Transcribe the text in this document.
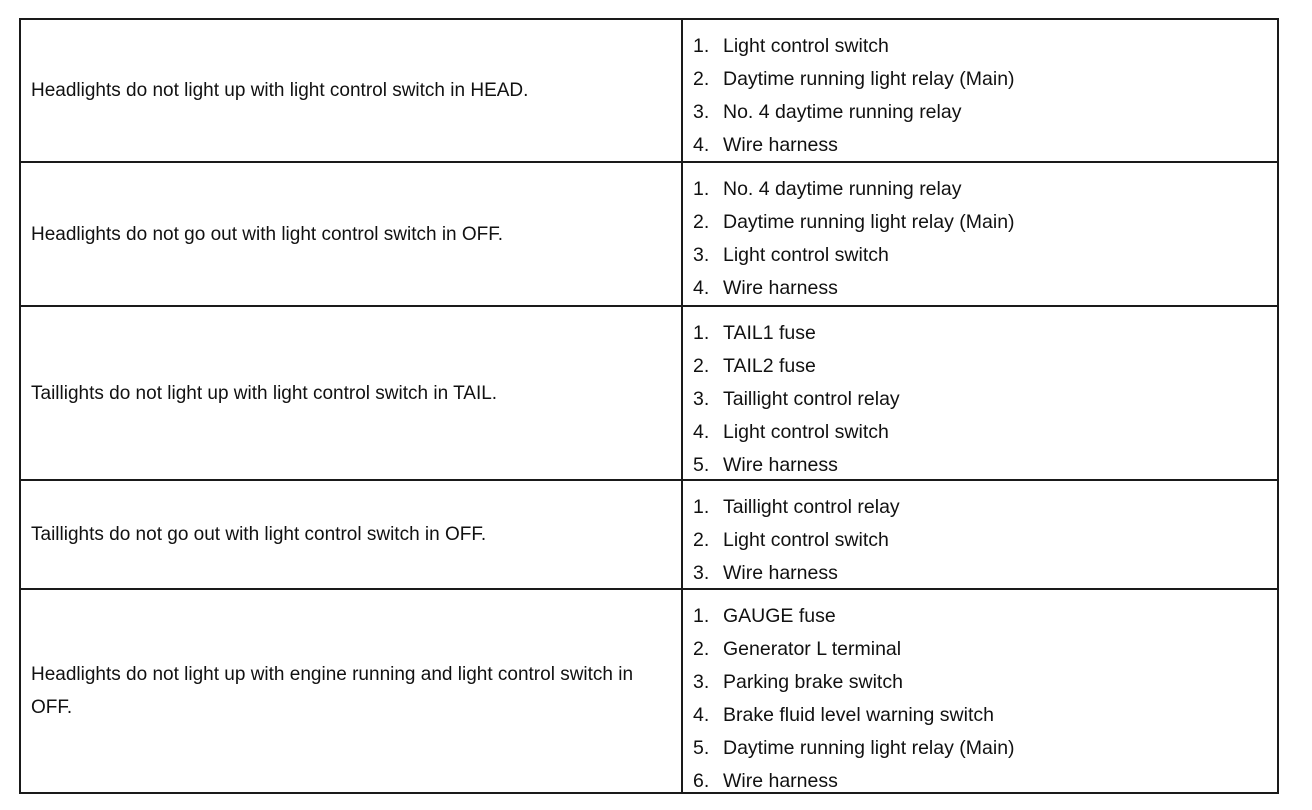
Headlights do not light up with light control switch in HEAD.
1. Light control switch
2. Daytime running light relay (Main)
3. No. 4 daytime running relay
4. Wire harness
Headlights do not go out with light control switch in OFF.
1. No. 4 daytime running relay
2. Daytime running light relay (Main)
3. Light control switch
4. Wire harness
Taillights do not light up with light control switch in TAIL.
1. TAIL1 fuse
2. TAIL2 fuse
3. Taillight control relay
4. Light control switch
5. Wire harness
Taillights do not go out with light control switch in OFF.
1. Taillight control relay
2. Light control switch
3. Wire harness
Headlights do not light up with engine running and light control switch in OFF.
1. GAUGE fuse
2. Generator L terminal
3. Parking brake switch
4. Brake fluid level warning switch
5. Daytime running light relay (Main)
6. Wire harness
